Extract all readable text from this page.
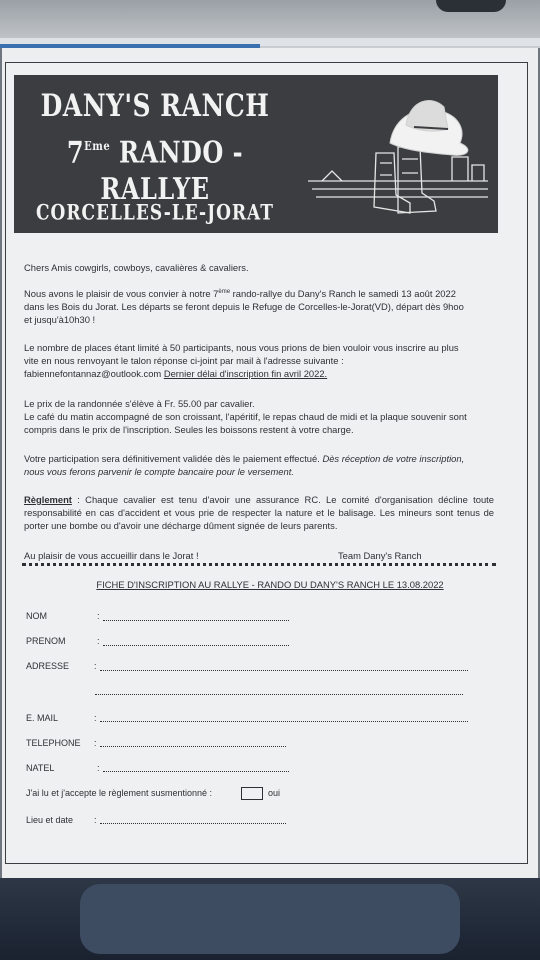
DANY'S RANCH
7Eme RANDO - RALLYE
CORCELLES-LE-JORAT
Chers Amis cowgirls, cowboys, cavalières & cavaliers.
Nous avons le plaisir de vous convier à notre 7ème rando-rallye du Dany's Ranch le samedi 13 août 2022
dans les Bois du Jorat. Les départs se feront depuis le Refuge de Corcelles-le-Jorat(VD), départ dès 9hoo
et jusqu'à10h30 !
Le nombre de places étant limité à 50 participants, nous vous prions de bien vouloir vous inscrire au plus
vite en nous renvoyant le talon réponse ci-joint par mail à l'adresse suivante :
fabiennefontannaz@outlook.com Dernier délai d'inscription fin avril 2022.
Le prix de la randonnée s'élève à Fr. 55.00 par cavalier.
Le café du matin accompagné de son croissant, l'apéritif, le repas chaud de midi et la plaque souvenir sont
compris dans le prix de l'inscription. Seules les boissons restent à votre charge.
Votre participation sera définitivement validée dès le paiement effectué. Dès réception de votre inscription,
nous vous ferons parvenir le compte bancaire pour le versement.
Règlement : Chaque cavalier est tenu d'avoir une assurance RC. Le comité d'organisation décline toute responsabilité en cas d'accident et vous prie de respecter la nature et le balisage. Les mineurs sont tenus de porter une bombe ou d'avoir une décharge dûment signée de leurs parents.
Au plaisir de vous accueillir dans le Jorat !	Team Dany's Ranch
FICHE D'INSCRIPTION AU RALLYE - RANDO DU DANY'S RANCH LE 13.08.2022
NOM	:
PRENOM	:
ADRESSE	:
E. MAIL	:
TELEPHONE :
NATEL	:
J'ai lu et j'accepte le règlement susmentionné :	oui
Lieu et date :
